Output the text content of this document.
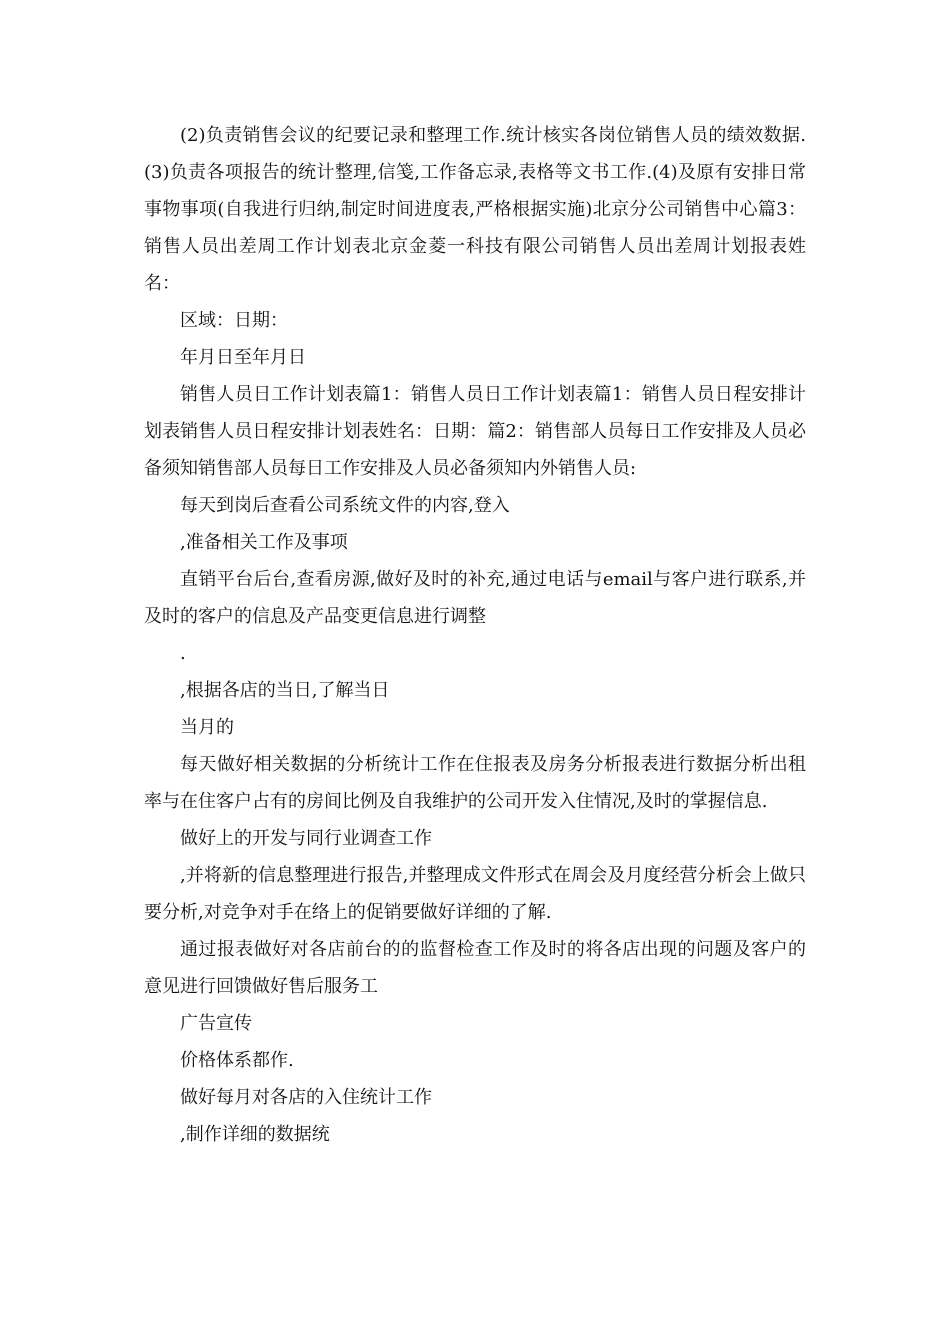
(2)负责销售会议的纪要记录和整理工作.统计核实各岗位销售人员的绩效数据.(3)负责各项报告的统计整理,信笺,工作备忘录,表格等文书工作.(4)及原有安排日常事物事项(自我进行归纳,制定时间进度表,严格根据实施)北京分公司销售中心篇3：销售人员出差周工作计划表北京金菱一科技有限公司销售人员出差周计划报表姓名：

区域：日期：

年月日至年月日

销售人员日工作计划表篇1：销售人员日工作计划表篇1：销售人员日程安排计划表销售人员日程安排计划表姓名：日期：篇2：销售部人员每日工作安排及人员必备须知销售部人员每日工作安排及人员必备须知内外销售人员:

每天到岗后查看公司系统文件的内容,登入

,准备相关工作及事项

直销平台后台,查看房源,做好及时的补充,通过电话与email与客户进行联系,并及时的客户的信息及产品变更信息进行调整

.

,根据各店的当日,了解当日

当月的

每天做好相关数据的分析统计工作在住报表及房务分析报表进行数据分析出租率与在住客户占有的房间比例及自我维护的公司开发入住情况,及时的掌握信息.

做好上的开发与同行业调查工作

,并将新的信息整理进行报告,并整理成文件形式在周会及月度经营分析会上做只要分析,对竞争对手在络上的促销要做好详细的了解.

通过报表做好对各店前台的的监督检查工作及时的将各店出现的问题及客户的意见进行回馈做好售后服务工

广告宣传

价格体系都作.

做好每月对各店的入住统计工作

,制作详细的数据统
